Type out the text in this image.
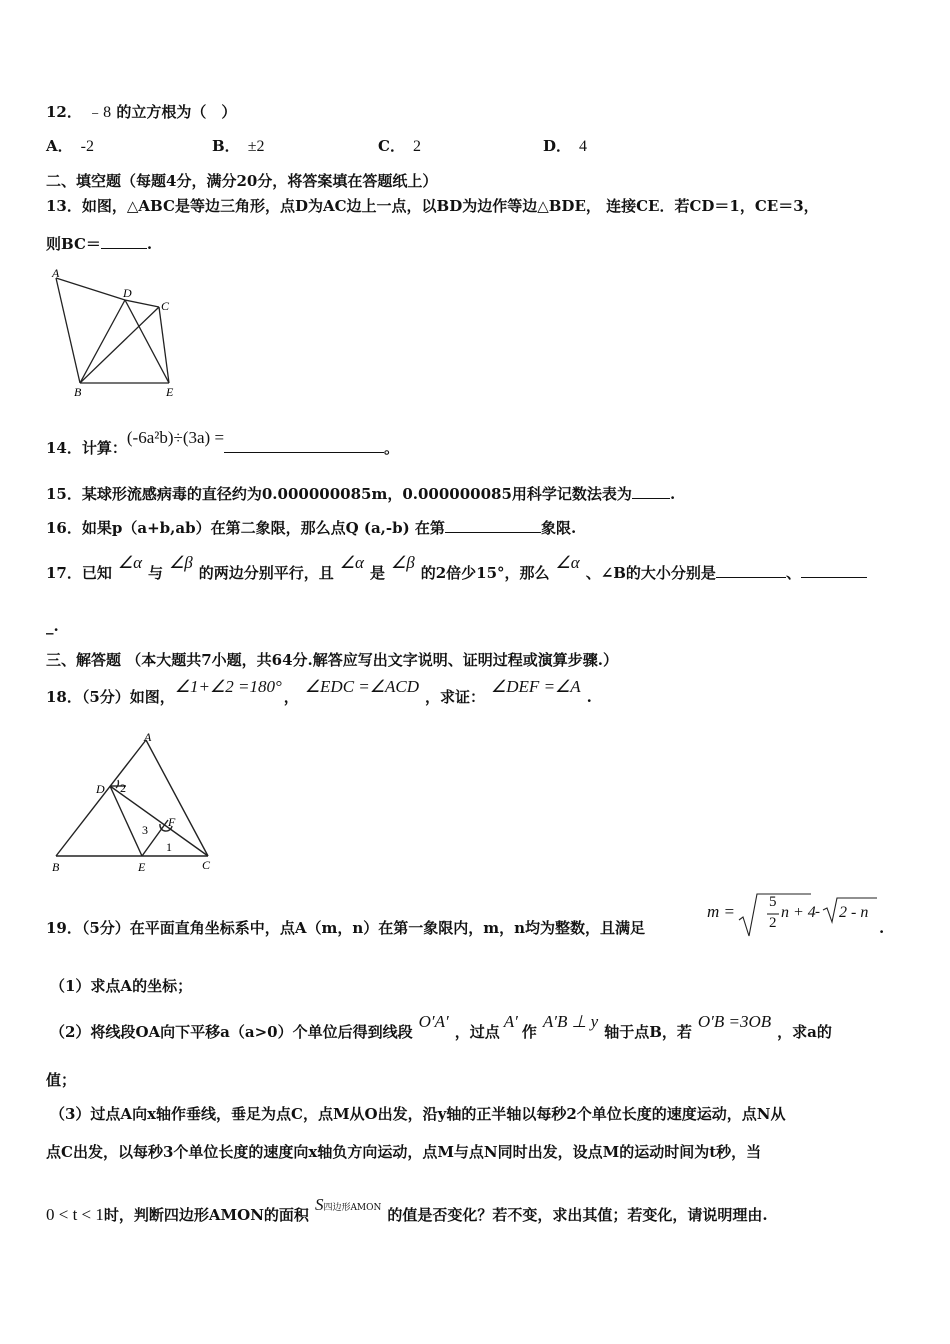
12． ﹣8 的立方根为（　）
A． -2	B． ±2	C． 2	D． 4
二、填空题（每题4分，满分20分，将答案填在答题纸上）
13．如图，△ABC是等边三角形，点D为AC边上一点，以BD为边作等边△BDE， 连接CE．若CD＝1，CE＝3，
则BC＝	.
A
D
C
B	E
14．计算：(-6a²b)÷(3a) =。
15．某球形流感病毒的直径约为0.000000085m，0.000000085用科学记数法表为	.
16．如果p（a+b,ab）在第二象限，那么点Q (a,-b) 在第	象限.
17．已知∠α与∠β的两边分别平行，且∠α是∠β的2倍少15°，那么∠α、∠B的大小分别是	、
_.
三、解答题 （本大题共7小题，共64分.解答应写出文字说明、证明过程或演算步骤.）
18．（5分）如图，∠1+∠2 =180°，∠EDC =∠ACD，求证：∠DEF =∠A.
A
D 2
3
F
1
B	E	C
19．（5分）在平面直角坐标系中，点A（m，n）在第一象限内，m，n均为整数，且满足
m = 5
2
n + 4 - 2 - n
.
（1）求点A的坐标；
（2）将线段OA向下平移a（a>0）个单位后得到线段O′A′，过点A′作A′B ⊥ y轴于点B，若O′B =3OB，求a的
值；
（3）过点A向x轴作垂线，垂足为点C，点M从O出发，沿y轴的正半轴以每秒2个单位长度的速度运动，点N从
点C出发，以每秒3个单位长度的速度向x轴负方向运动，点M与点N同时出发，设点M的运动时间为t秒，当
0 < t < 1时，判断四边形AMON的面积S四边形AMON 的值是否变化？若不变，求出其值；若变化，请说明理由.
